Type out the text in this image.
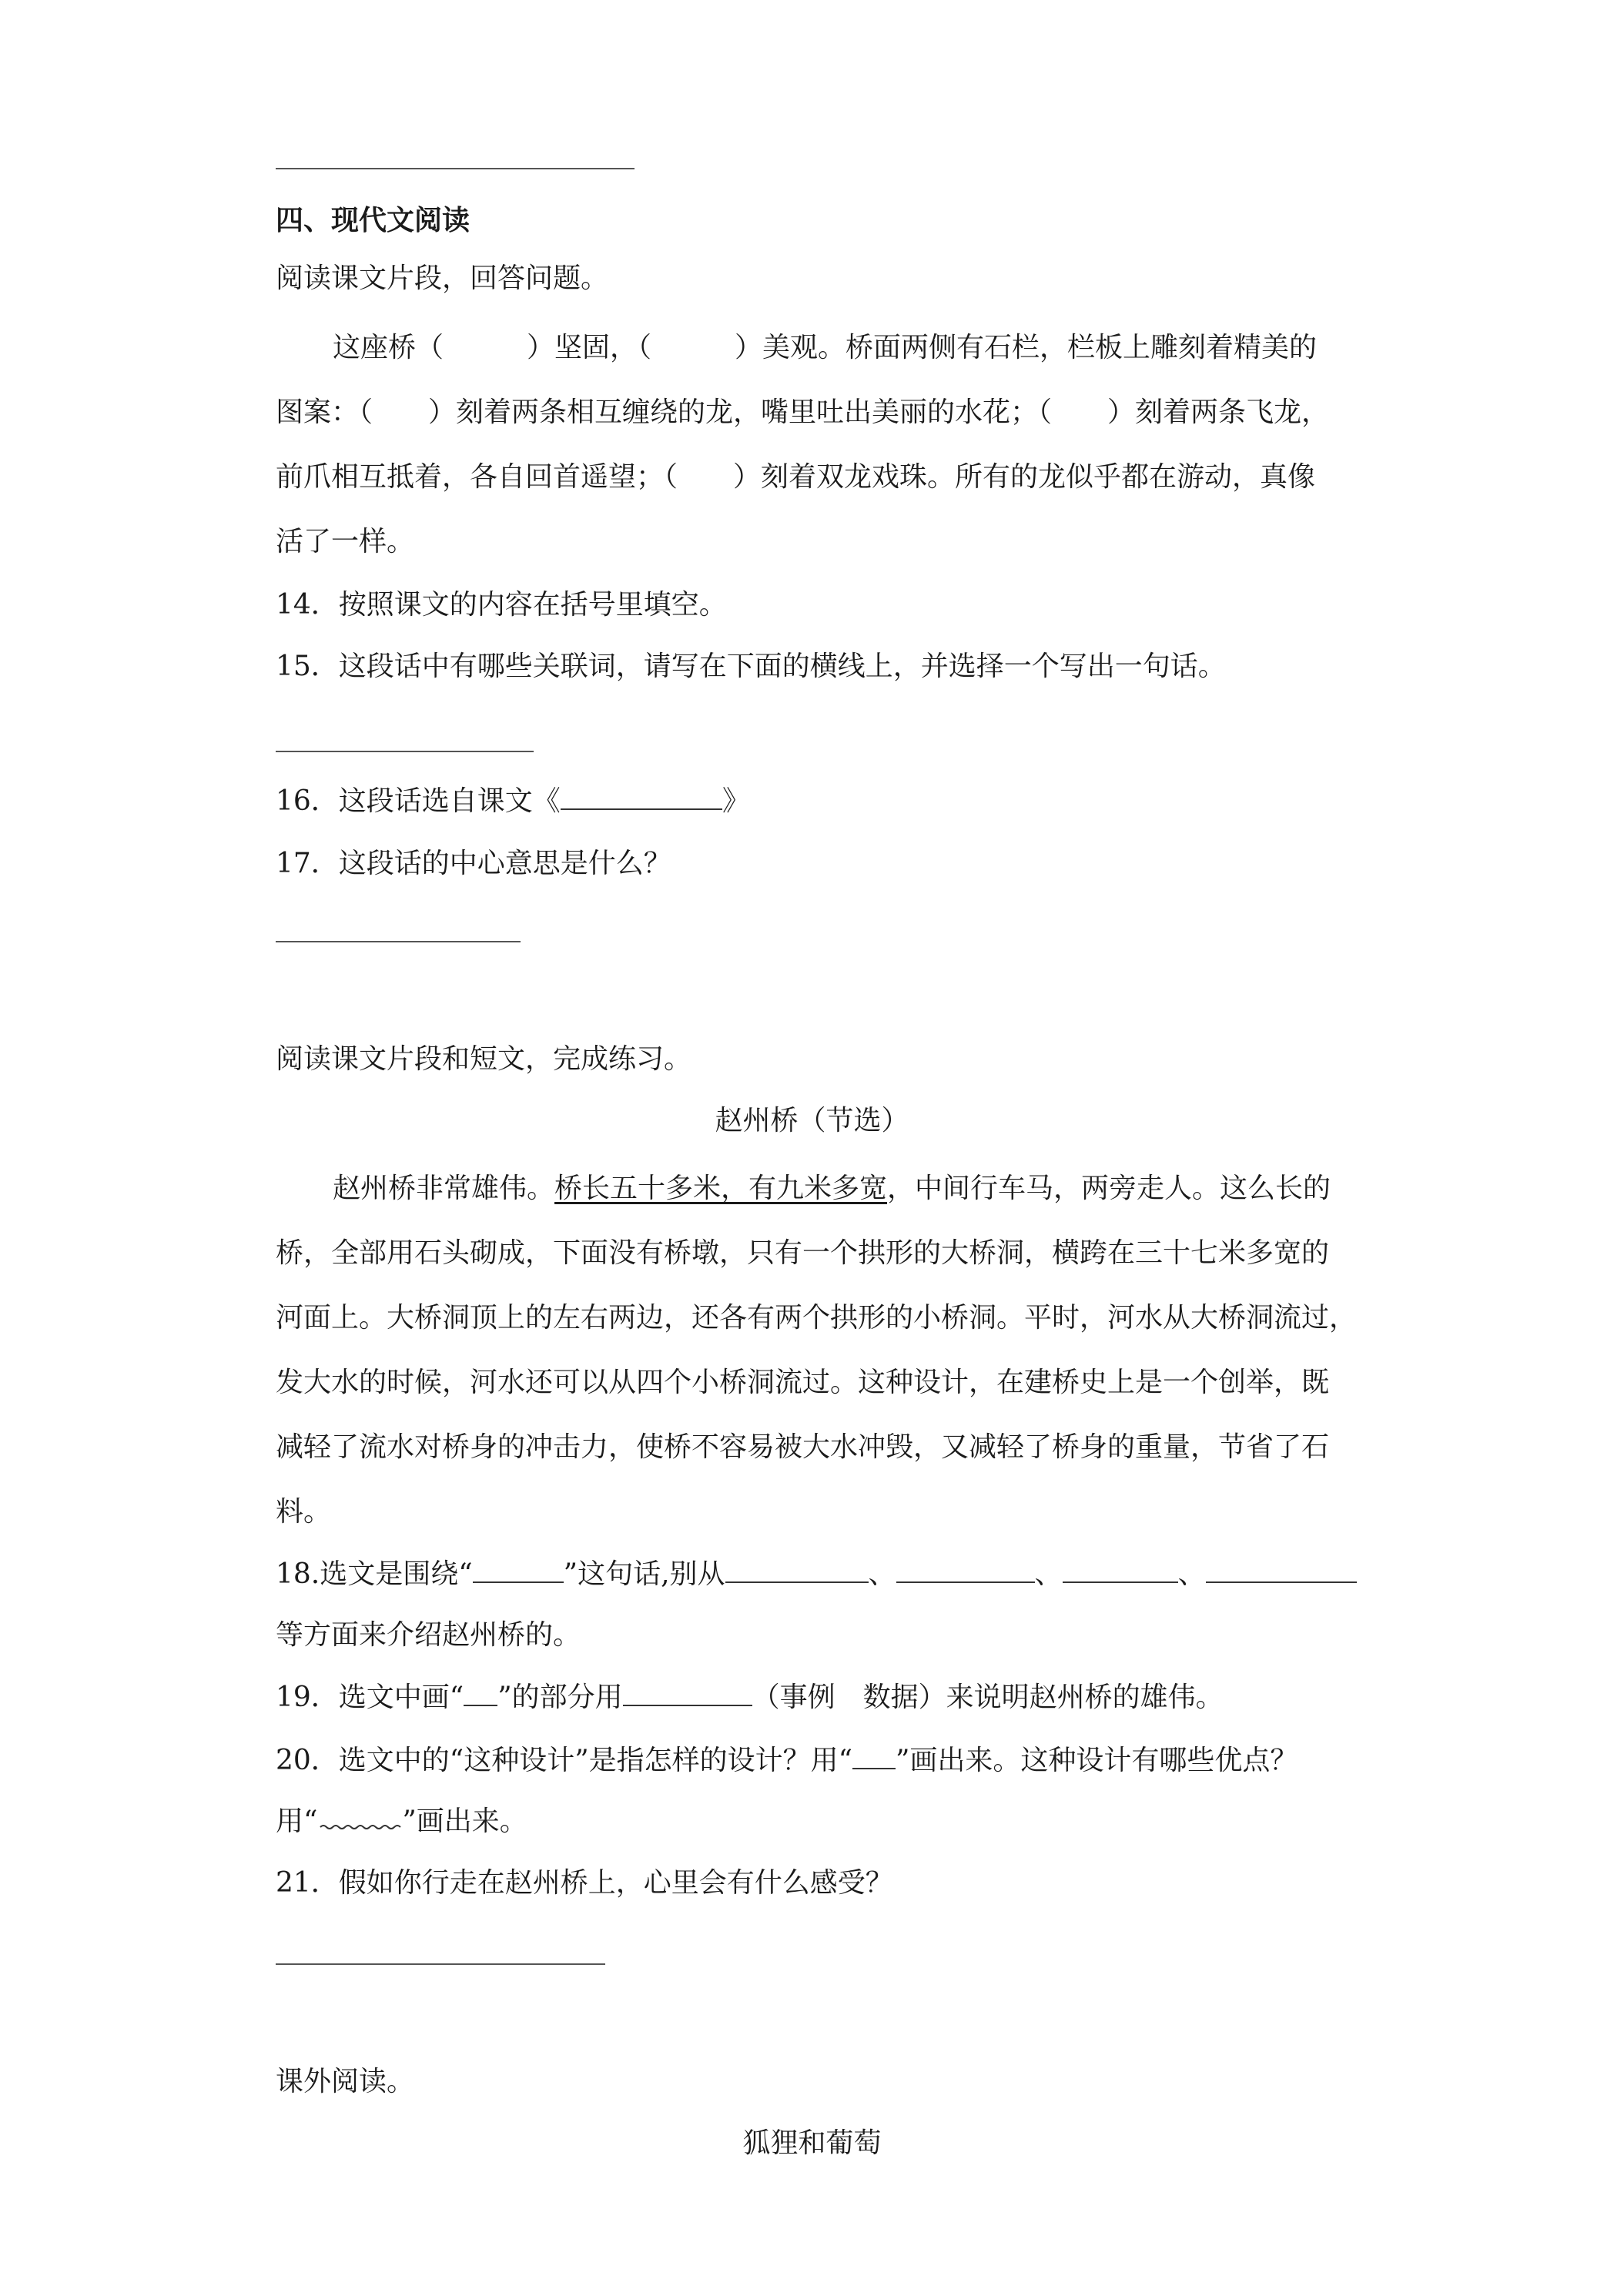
四、现代文阅读
阅读课文片段，回答问题。
这座桥（　　　）坚固，（　　　）美观。桥面两侧有石栏，栏板上雕刻着精美的
图案：（　　）刻着两条相互缠绕的龙，嘴里吐出美丽的水花；（　　）刻着两条飞龙，
前爪相互抵着，各自回首遥望；（　　）刻着双龙戏珠。所有的龙似乎都在游动，真像
活了一样。
14．按照课文的内容在括号里填空。
15．这段话中有哪些关联词，请写在下面的横线上，并选择一个写出一句话。
16．这段话选自课文《	》
17．这段话的中心意思是什么？
阅读课文片段和短文，完成练习。
赵州桥（节选）
赵州桥非常雄伟。桥长五十多米，有九米多宽，中间行车马，两旁走人。这么长的
桥，全部用石头砌成，下面没有桥墩，只有一个拱形的大桥洞，横跨在三十七米多宽的
河面上。大桥洞顶上的左右两边，还各有两个拱形的小桥洞。平时，河水从大桥洞流过，
发大水的时候，河水还可以从四个小桥洞流过。这种设计，在建桥史上是一个创举，既
减轻了流水对桥身的冲击力，使桥不容易被大水冲毁，又减轻了桥身的重量，节省了石
料。
18.选文是围绕“	”这句话,别从	、	、	、
等方面来介绍赵州桥的。
19．选文中画“ ”的部分用	（事例　数据）来说明赵州桥的雄伟。
20．选文中的“这种设计”是指怎样的设计？用“ ”画出来。这种设计有哪些优点？
用“	”画出来。
21．假如你行走在赵州桥上，心里会有什么感受？
课外阅读。
狐狸和葡萄
